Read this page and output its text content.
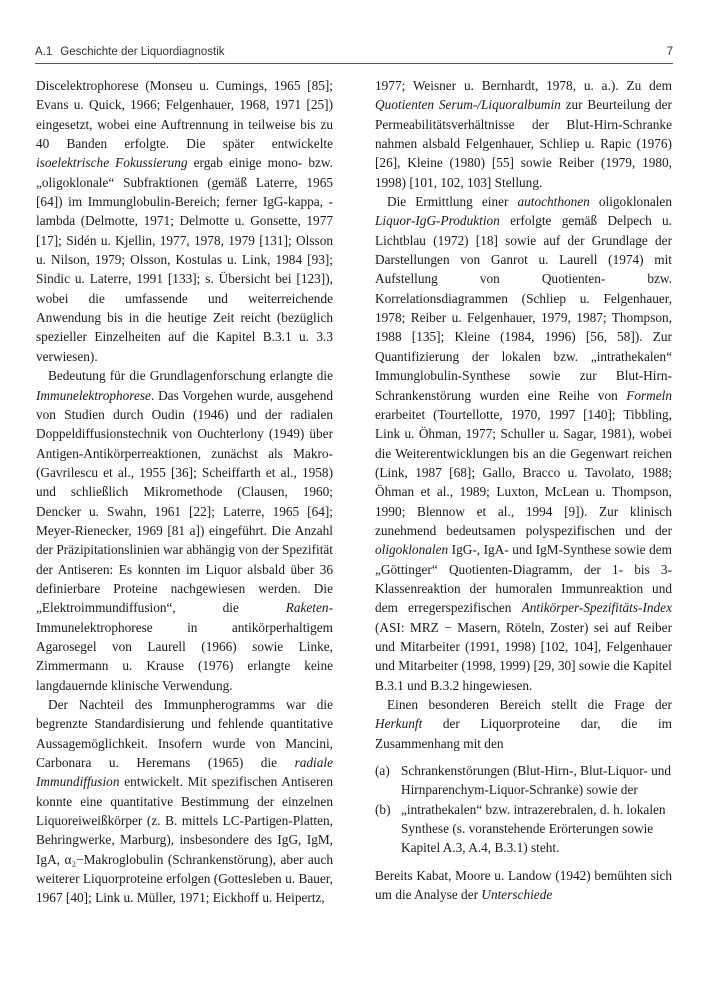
A.1 Geschichte der Liquordiagnostik	7

Discelektrophorese (Monseu u. Cumings, 1965 [85]; Evans u. Quick, 1966; Felgenhauer, 1968, 1971 [25]) eingesetzt, wobei eine Auftrennung in teilweise bis zu 40 Banden erfolgte. Die später entwickelte isoelektrische Fokussierung ergab einige mono- bzw. „oligoklonale“ Subfraktionen (gemäß Laterre, 1965 [64]) im Immunglobulin-Bereich; ferner IgG-kappa, -lambda (Delmotte, 1971; Delmotte u. Gonsette, 1977 [17]; Sidén u. Kjellin, 1977, 1978, 1979 [131]; Olsson u. Nilson, 1979; Olsson, Kostulas u. Link, 1984 [93]; Sindic u. Laterre, 1991 [133]; s. Übersicht bei [123]), wobei die umfassende und weiterreichende Anwendung bis in die heutige Zeit reicht (bezüglich spezieller Einzelheiten auf die Kapitel B.3.1 u. 3.3 verwiesen).

Bedeutung für die Grundlagenforschung erlangte die Immunelektrophorese. Das Vorgehen wurde, ausgehend von Studien durch Oudin (1946) und der radialen Doppeldiffusionstechnik von Ouchterlony (1949) über Antigen-Antikörperreaktionen, zunächst als Makro- (Gavrilescu et al., 1955 [36]; Scheiffarth et al., 1958) und schließlich Mikromethode (Clausen, 1960; Dencker u. Swahn, 1961 [22]; Laterre, 1965 [64]; Meyer-Rienecker, 1969 [81 a]) eingeführt. Die Anzahl der Präzipitationslinien war abhängig von der Spezifität der Antiseren: Es konnten im Liquor alsbald über 36 definierbare Proteine nachgewiesen werden. Die „Elektroimmundiffusion“, die Raketen-Immunelektrophorese in antikörperhaltigem Agarosegel von Laurell (1966) sowie Linke, Zimmermann u. Krause (1976) erlangte keine langdauernde klinische Verwendung.

Der Nachteil des Immunpherogramms war die begrenzte Standardisierung und fehlende quantitative Aussagemöglichkeit. Insofern wurde von Mancini, Carbonara u. Heremans (1965) die radiale Immundiffusion entwickelt. Mit spezifischen Antiseren konnte eine quantitative Bestimmung der einzelnen Liquoreiweißkörper (z. B. mittels LC-Partigen-Platten, Behringwerke, Marburg), insbesondere des IgG, IgM, IgA, α₂−Makroglobulin (Schrankenstörung), aber auch weiterer Liquorproteine erfolgen (Gottesleben u. Bauer, 1967 [40]; Link u. Müller, 1971; Eickhoff u. Heipertz,

1977; Weisner u. Bernhardt, 1978, u. a.). Zu dem Quotienten Serum-/Liquoralbumin zur Beurteilung der Permeabilitätsverhältnisse der Blut-Hirn-Schranke nahmen alsbald Felgenhauer, Schliep u. Rapic (1976) [26], Kleine (1980) [55] sowie Reiber (1979, 1980, 1998) [101, 102, 103] Stellung.

Die Ermittlung einer autochthonen oligoklonalen Liquor-IgG-Produktion erfolgte gemäß Delpech u. Lichtblau (1972) [18] sowie auf der Grundlage der Darstellungen von Ganrot u. Laurell (1974) mit Aufstellung von Quotienten- bzw. Korrelationsdiagrammen (Schliep u. Felgenhauer, 1978; Reiber u. Felgenhauer, 1979, 1987; Thompson, 1988 [135]; Kleine (1984, 1996) [56, 58]). Zur Quantifizierung der lokalen bzw. „intrathekalen“ Immunglobulin-Synthese sowie zur Blut-Hirn-Schrankenstörung wurden eine Reihe von Formeln erarbeitet (Tourtellotte, 1970, 1997 [140]; Tibbling, Link u. Öhman, 1977; Schuller u. Sagar, 1981), wobei die Weiterentwicklungen bis an die Gegenwart reichen (Link, 1987 [68]; Gallo, Bracco u. Tavolato, 1988; Öhman et al., 1989; Luxton, McLean u. Thompson, 1990; Blennow et al., 1994 [9]). Zur klinisch zunehmend bedeutsamen polyspezifischen und der oligoklonalen IgG-, IgA- und IgM-Synthese sowie dem „Göttinger“ Quotienten-Diagramm, der 1- bis 3-Klassenreaktion der humoralen Immunreaktion und dem erregerspezifischen Antikörper-Spezifitäts-Index (ASI: MRZ − Masern, Röteln, Zoster) sei auf Reiber und Mitarbeiter (1991, 1998) [102, 104], Felgenhauer und Mitarbeiter (1998, 1999) [29, 30] sowie die Kapitel B.3.1 und B.3.2 hingewiesen.

Einen besonderen Bereich stellt die Frage der Herkunft der Liquorproteine dar, die im Zusammenhang mit den

(a) Schrankenstörungen (Blut-Hirn-, Blut-Liquor- und Hirnparenchym-Liquor-Schranke) sowie der
(b) „intrathekalen“ bzw. intrazerebralen, d. h. lokalen Synthese (s. voranstehende Erörterungen sowie Kapitel A.3, A.4, B.3.1) steht.

Bereits Kabat, Moore u. Landow (1942) bemühten sich um die Analyse der Unterschiede
